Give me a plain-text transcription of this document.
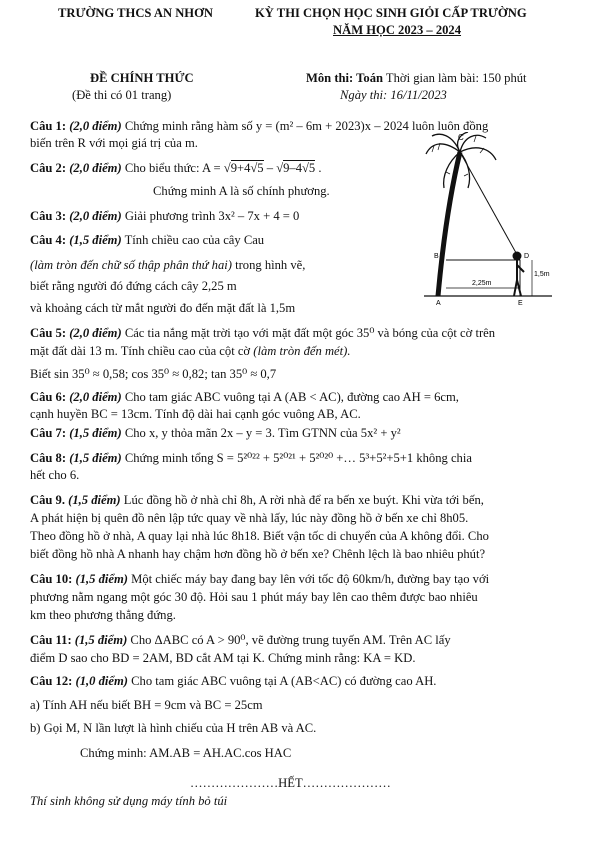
TRƯỜNG THCS AN NHƠN	KỲ THI CHỌN HỌC SINH GIỎI CẤP TRƯỜNG
NĂM HỌC 2023 – 2024
ĐỀ CHÍNH THỨC
(Đề thi có 01 trang)
Môn thi: Toán Thời gian làm bài: 150 phút
Ngày thi: 16/11/2023
Câu 1: (2,0 điểm) Chứng minh rằng hàm số y = (m² – 6m + 2023)x – 2024 luôn luôn đồng
biến trên R với mọi giá trị của m.
Câu 2: (2,0 điểm) Cho biểu thức: A = √9+4√5 – √9–4√5 .
Chứng minh A là số chính phương.
Câu 3: (2,0 điểm) Giải phương trình 3x² – 7x + 4 = 0
Câu 4: (1,5 điểm) Tính chiều cao của cây Cau
(làm tròn đến chữ số thập phân thứ hai) trong hình vẽ,
biết rằng người đó đứng cách cây 2,25 m
và khoảng cách từ mắt người đo đến mặt đất là 1,5m
C
B	D
A	E
1,5m
2,25m
Câu 5: (2,0 điểm) Các tia nắng mặt trời tạo với mặt đất một góc 35⁰ và bóng của cột cờ trên
mặt đất dài 13 m. Tính chiều cao của cột cờ (làm tròn đến mét).
Biết sin 35⁰ ≈ 0,58; cos 35⁰ ≈ 0,82; tan 35⁰ ≈ 0,7
Câu 6: (2,0 điểm) Cho tam giác ABC vuông tại A (AB < AC), đường cao AH = 6cm,
cạnh huyền BC = 13cm. Tính độ dài hai cạnh góc vuông AB, AC.
Câu 7: (1,5 điểm) Cho x, y thỏa mãn 2x – y = 3. Tìm GTNN của 5x² + y²
Câu 8: (1,5 điểm) Chứng minh tổng S = 5²⁰²² + 5²⁰²¹ + 5²⁰²⁰ +… 5³+5²+5+1 không chia
hết cho 6.
Câu 9. (1,5 điểm) Lúc đồng hồ ở nhà chỉ 8h, A rời nhà để ra bến xe buýt. Khi vừa tới bến,
A phát hiện bị quên đồ nên lập tức quay về nhà lấy, lúc này đồng hồ ở bến xe chỉ 8h05.
Theo đồng hồ ở nhà, A quay lại nhà lúc 8h18. Biết vận tốc di chuyển của A không đổi. Cho
biết đồng hồ nhà A nhanh hay chậm hơn đồng hồ ở bến xe? Chênh lệch là bao nhiêu phút?
Câu 10: (1,5 điểm) Một chiếc máy bay đang bay lên với tốc độ 60km/h, đường bay tạo với
phương nằm ngang một góc 30 độ. Hỏi sau 1 phút máy bay lên cao thêm được bao nhiêu
km theo phương thẳng đứng.
Câu 11: (1,5 điểm) Cho ΔABC có A > 90⁰, vẽ đường trung tuyến AM. Trên AC lấy
điểm D sao cho BD = 2AM, BD cắt AM tại K. Chứng minh rằng: KA = KD.
Câu 12: (1,0 điểm) Cho tam giác ABC vuông tại A (AB<AC) có đường cao AH.
a) Tính AH nếu biết BH = 9cm và BC = 25cm
b) Gọi M, N lần lượt là hình chiếu của H trên AB và AC.
Chứng minh: AM.AB = AH.AC.cos HAC
…………………HẾT…………………
Thí sinh không sử dụng máy tính bỏ túi
